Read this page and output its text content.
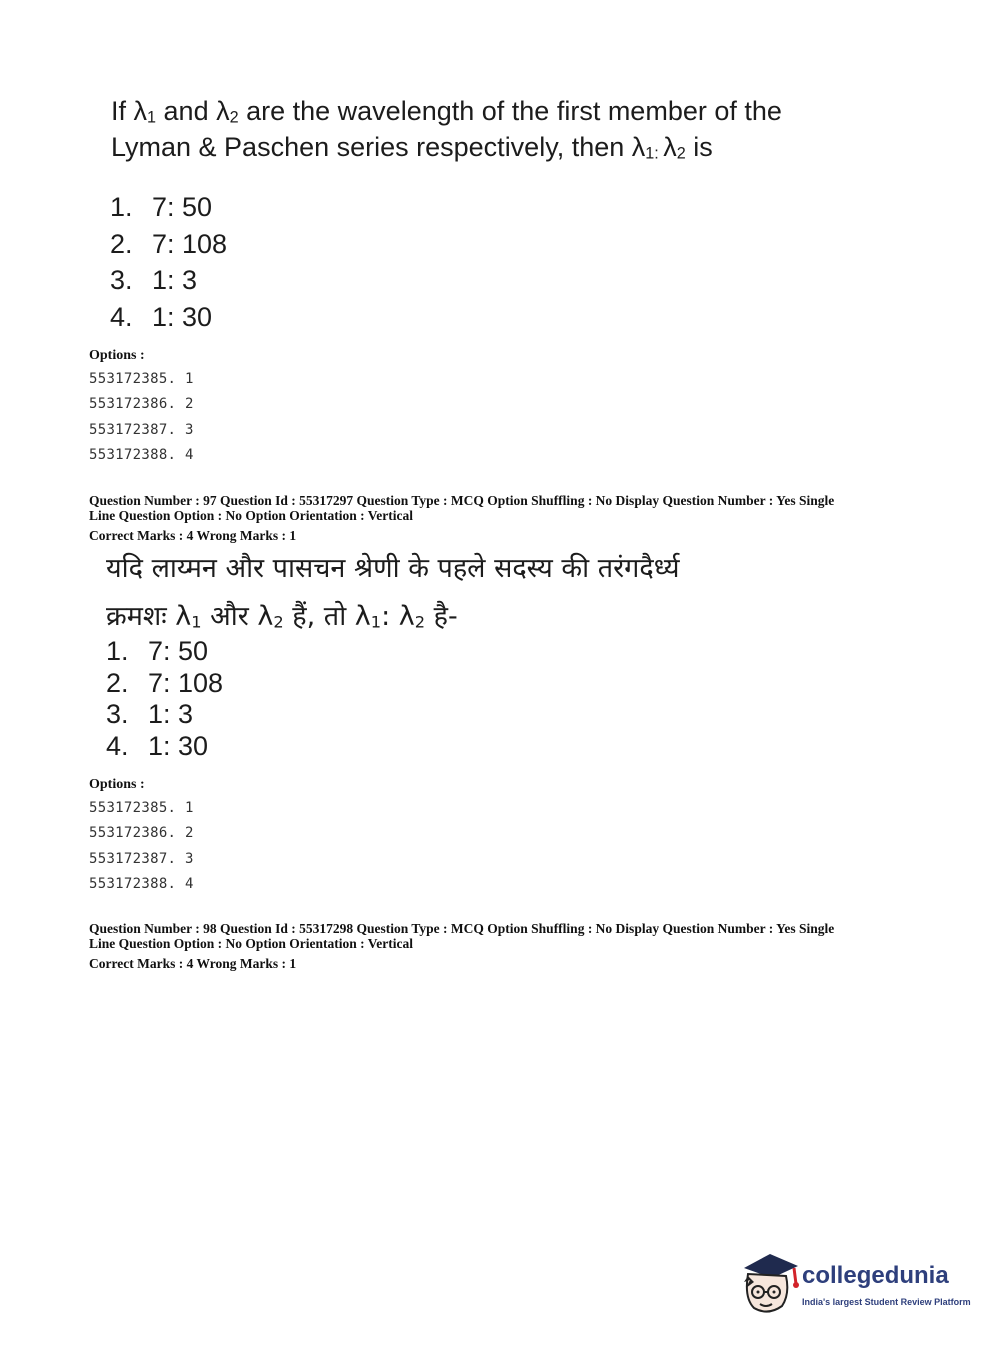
If $\lambda_1$ and $\lambda_2$ are the wavelength of the first member of the
Lyman & Paschen series respectively, then $\lambda_{1:}$ $\lambda_2$ is
1. 7: 50
2. 7: 108
3. 1: 3
4. 1: 30
Options :
553172385. 1
553172386. 2
553172387. 3
553172388. 4
Question Number : 97 Question Id : 55317297 Question Type : MCQ Option Shuffling : No Display Question Number : Yes Single
Line Question Option : No Option Orientation : Vertical
Correct Marks : 4 Wrong Marks : 1
यदि लाय्मन और पासचन श्रेणी के पहले सदस्य की तरंगदैर्ध्य
क्रमशः $\lambda_1$ और $\lambda_2$ हैं, तो $\lambda_1$: $\lambda_2$ है-
1. 7: 50
2. 7: 108
3. 1: 3
4. 1: 30
Options :
553172385. 1
553172386. 2
553172387. 3
553172388. 4
Question Number : 98 Question Id : 55317298 Question Type : MCQ Option Shuffling : No Display Question Number : Yes Single
Line Question Option : No Option Orientation : Vertical
Correct Marks : 4 Wrong Marks : 1
collegedunia
India's largest Student Review Platform
